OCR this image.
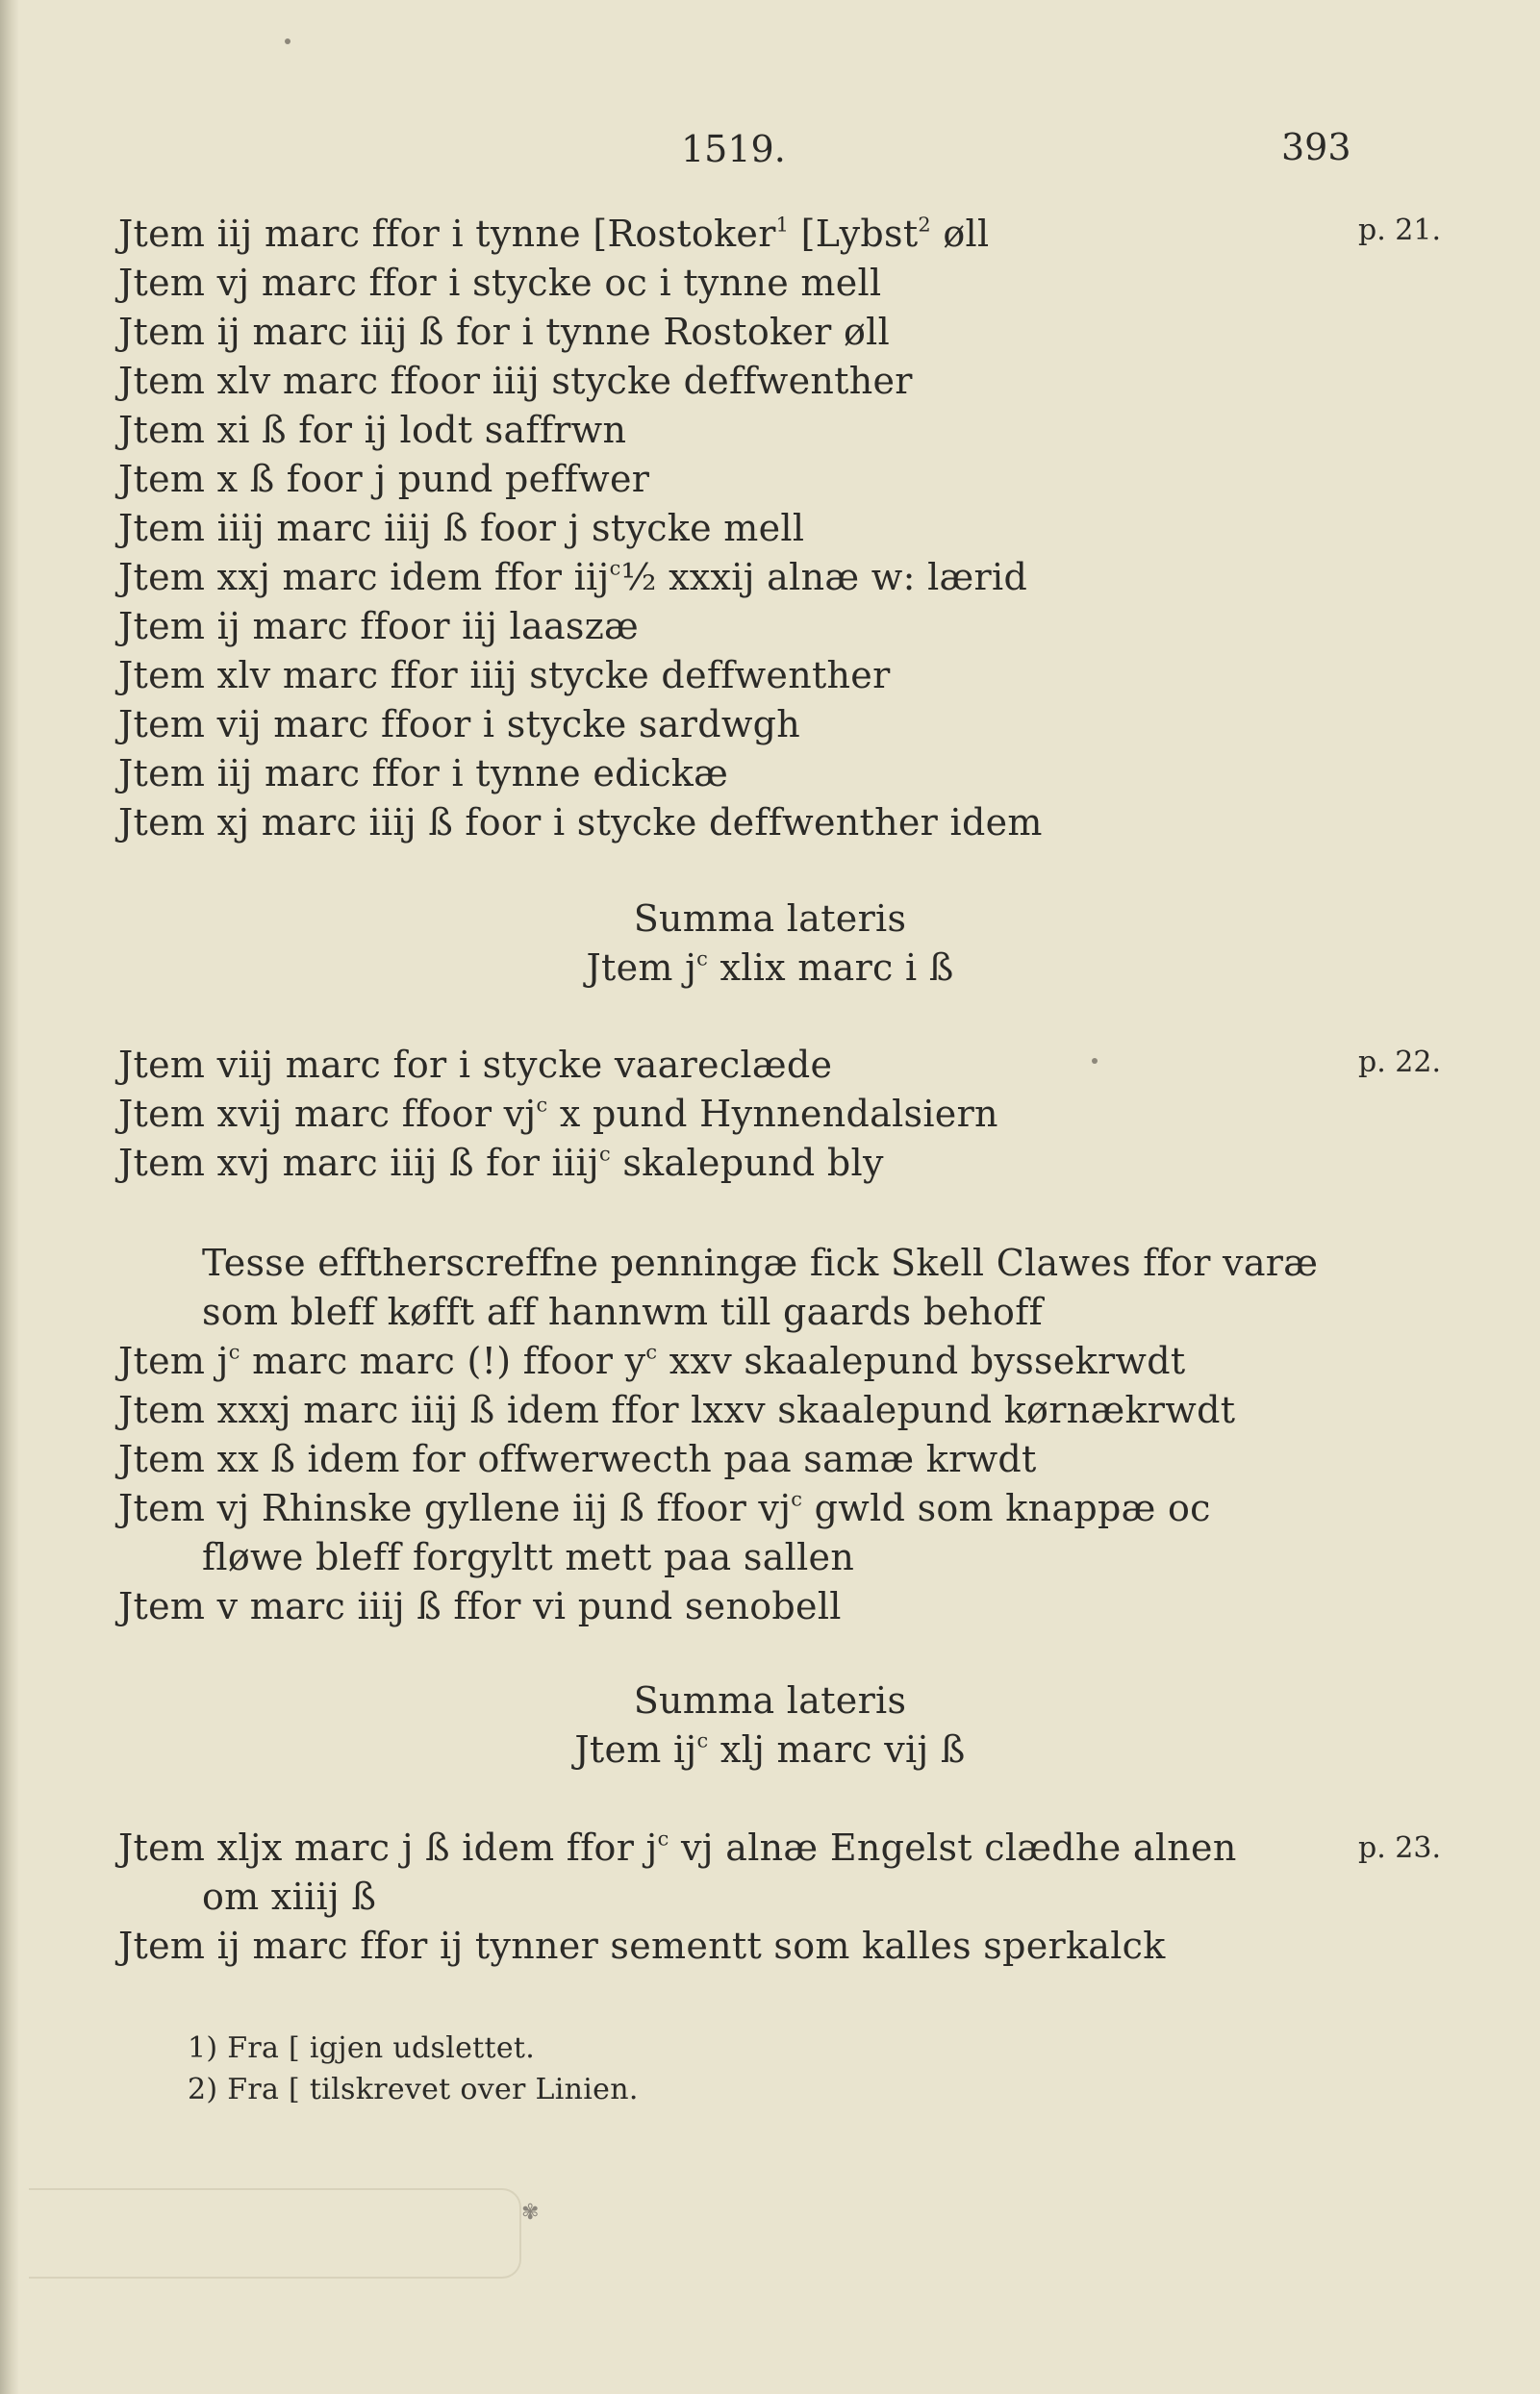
✾
1519.	393
p. 21.
p. 22.
p. 23.
Jtem iij marc ffor i tynne [Rostoker$^1$ [Lybst$^2$ øll
Jtem vj marc ffor i stycke oc i tynne mell
Jtem ij marc iiij ß for i tynne Rostoker øll
Jtem xlv marc ffoor iiij stycke deffwenther
Jtem xi ß for ij lodt saffrwn
Jtem x ß foor j pund peffwer
Jtem iiij marc iiij ß foor j stycke mell
Jtem xxj marc idem ffor iij$^c$½ xxxij alnæ w: lærid
Jtem ij marc ffoor iij laaszæ
Jtem xlv marc ffor iiij stycke deffwenther
Jtem vij marc ffoor i stycke sardwgh
Jtem iij marc ffor i tynne edickæ
Jtem xj marc iiij ß foor i stycke deffwenther idem
Summa lateris
Jtem $j^c$ xlix marc i ß
Jtem viij marc for i stycke vaareclæde
Jtem xvij marc ffoor $vj^c$ x pund Hynnendalsiern
Jtem xvj marc iiij ß for iiij$^c$ skalepund bly
Tesse efftherscreffne penningæ fick Skell Clawes ffor varæ
som bleff køfft aff hannwm till gaards behoff
Jtem $j^c$ marc marc (!) ffoor $y^c$ xxv skaalepund byssekrwdt
Jtem xxxj marc iiij ß idem ffor lxxv skaalepund kørnækrwdt
Jtem xx ß idem for offwerwecth paa samæ krwdt
Jtem vj Rhinske gyllene iij ß ffoor $vj^c$ gwld som knappæ oc
fløwe bleff forgyltt mett paa sallen
Jtem v marc iiij ß ffor vi pund senobell
Summa lateris
Jtem $ij^c$ xlj marc vij ß
Jtem xljx marc j ß idem ffor $j^c$ vj alnæ Engelst clædhe alnen
om xiiij ß
Jtem ij marc ffor ij tynner sementt som kalles sperkalck
1) Fra [ igjen udslettet.
2) Fra [ tilskrevet over Linien.
